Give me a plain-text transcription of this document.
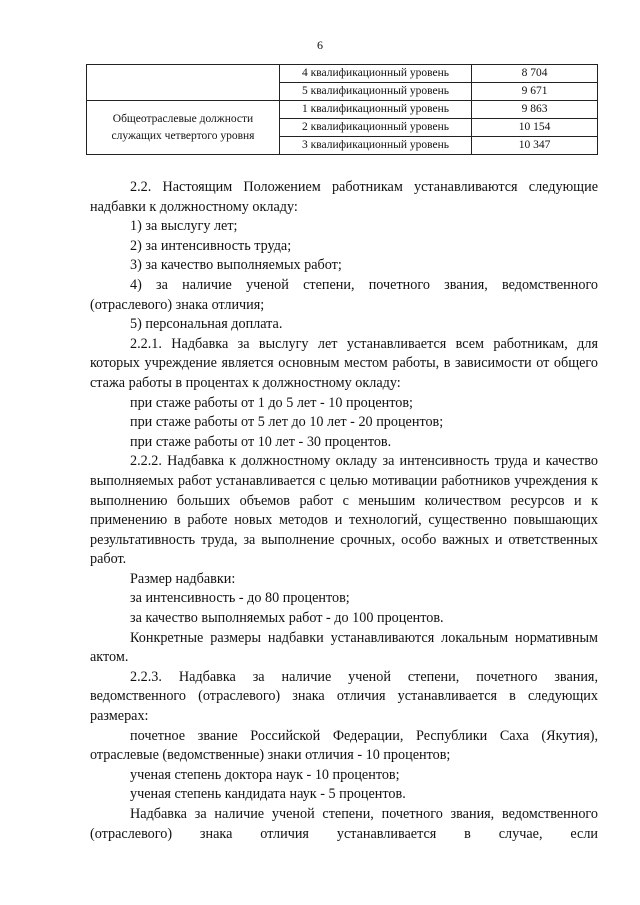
6
	4 квалификационный уровень	8 704
	5 квалификационный уровень	9 671
Общеотраслевые должности служащих четвертого уровня	1 квалификационный уровень	9 863
	2 квалификационный уровень	10 154
	3 квалификационный уровень	10 347

2.2. Настоящим Положением работникам устанавливаются следующие надбавки к должностному окладу:

1) за выслугу лет;

2) за интенсивность труда;

3) за качество выполняемых работ;

4) за наличие ученой степени, почетного звания, ведомственного (отраслевого) знака отличия;

5) персональная доплата.

2.2.1. Надбавка за выслугу лет устанавливается всем работникам, для которых учреждение является основным местом работы, в зависимости от общего стажа работы в процентах к должностному окладу:

при стаже работы от 1 до 5 лет - 10 процентов;

при стаже работы от 5 лет до 10 лет - 20 процентов;

при стаже работы от 10 лет - 30 процентов.

2.2.2. Надбавка к должностному окладу за интенсивность труда и качество выполняемых работ устанавливается с целью мотивации работников учреждения к выполнению больших объемов работ с меньшим количеством ресурсов и к применению в работе новых методов и технологий, существенно повышающих результативность труда, за выполнение срочных, особо важных и ответственных работ.

Размер надбавки:

за интенсивность - до 80 процентов;

за качество выполняемых работ - до 100 процентов.

Конкретные размеры надбавки устанавливаются локальным нормативным актом.

2.2.3. Надбавка за наличие ученой степени, почетного звания, ведомственного (отраслевого) знака отличия устанавливается в следующих размерах:

почетное звание Российской Федерации, Республики Саха (Якутия), отраслевые (ведомственные) знаки отличия - 10 процентов;

ученая степень доктора наук - 10 процентов;

ученая степень кандидата наук - 5 процентов.

Надбавка за наличие ученой степени, почетного звания, ведомственного (отраслевого) знака отличия устанавливается в случае, если
